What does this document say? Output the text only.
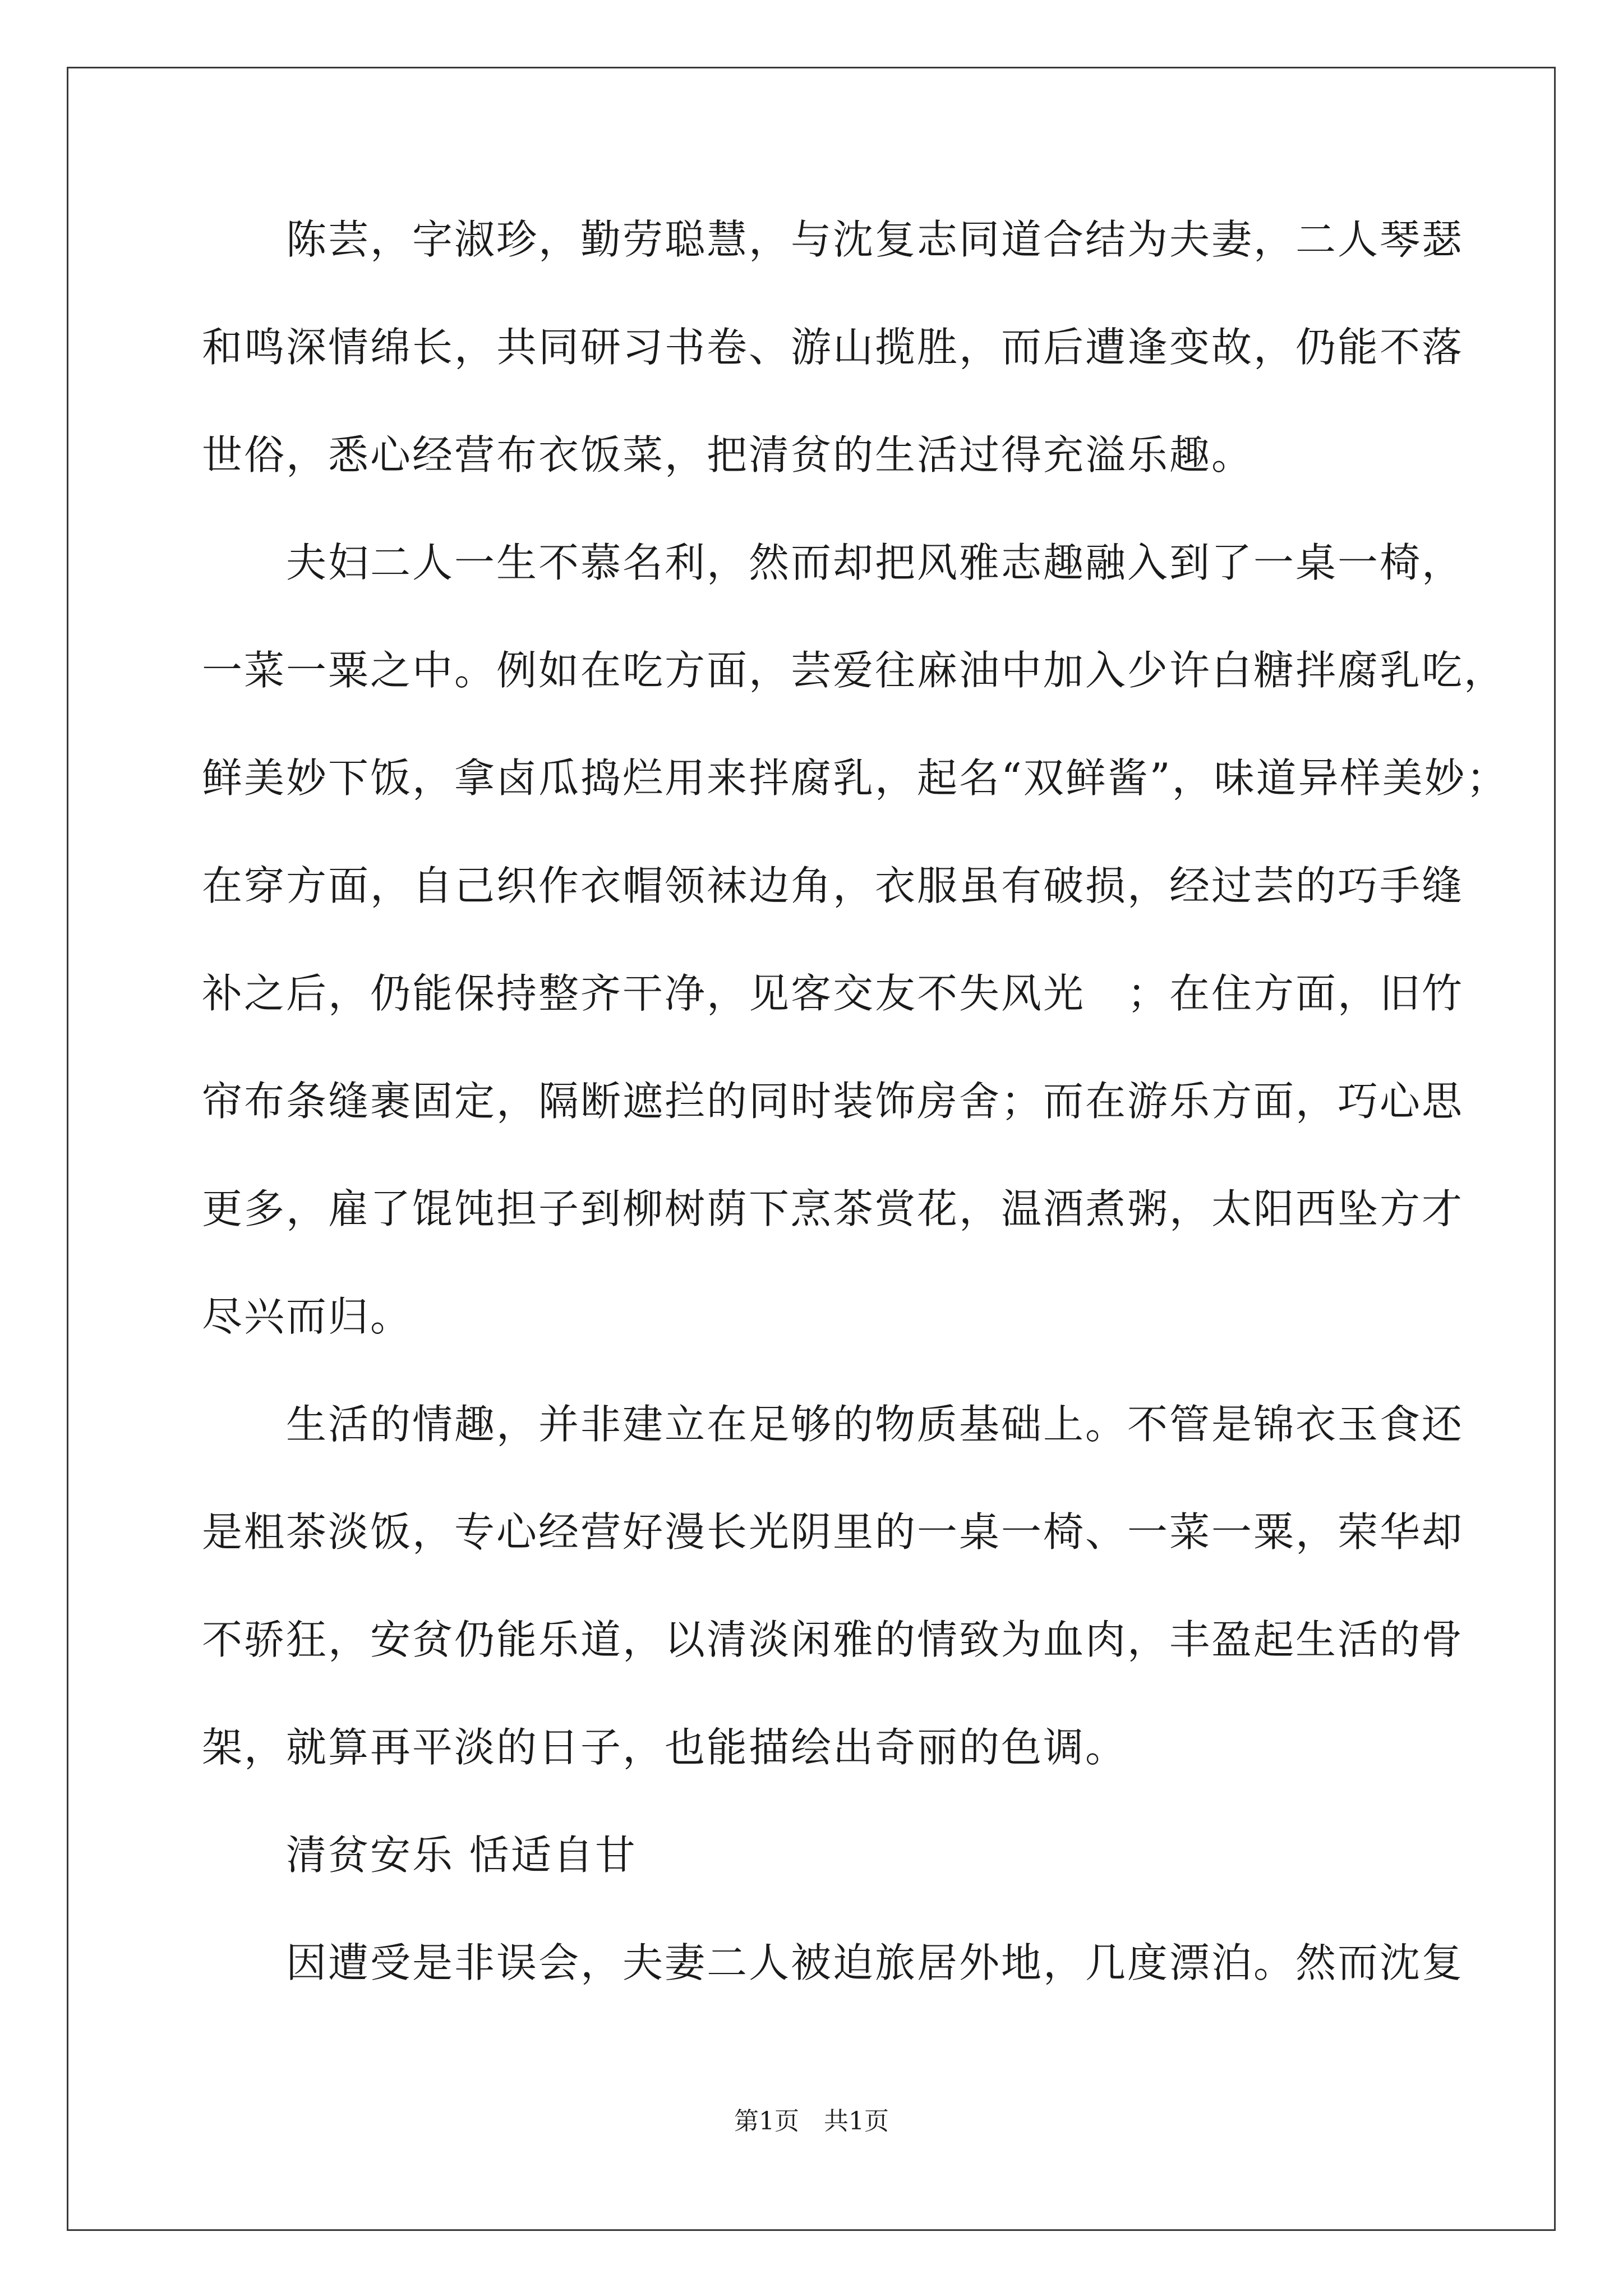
　　陈芸，字淑珍，勤劳聪慧，与沈复志同道合结为夫妻，二人琴瑟
和鸣深情绵长，共同研习书卷、游山揽胜，而后遭逢变故，仍能不落
世俗，悉心经营布衣饭菜，把清贫的生活过得充溢乐趣。
　　夫妇二人一生不慕名利，然而却把风雅志趣融入到了一桌一椅，
一菜一粟之中。例如在吃方面，芸爱往麻油中加入少许白糖拌腐乳吃，
鲜美妙下饭，拿卤瓜捣烂用来拌腐乳，起名“双鲜酱”，味道异样美妙；
在穿方面，自己织作衣帽领袜边角，衣服虽有破损，经过芸的巧手缝
补之后，仍能保持整齐干净，见客交友不失风光　；在住方面，旧竹
帘布条缝裹固定，隔断遮拦的同时装饰房舍；而在游乐方面，巧心思
更多，雇了馄饨担子到柳树荫下烹茶赏花，温酒煮粥，太阳西坠方才
尽兴而归。
　　生活的情趣，并非建立在足够的物质基础上。不管是锦衣玉食还
是粗茶淡饭，专心经营好漫长光阴里的一桌一椅、一菜一粟，荣华却
不骄狂，安贫仍能乐道，以清淡闲雅的情致为血肉，丰盈起生活的骨
架，就算再平淡的日子，也能描绘出奇丽的色调。
　　清贫安乐 恬适自甘
　　因遭受是非误会，夫妻二人被迫旅居外地，几度漂泊。然而沈复
第1页　共1页
